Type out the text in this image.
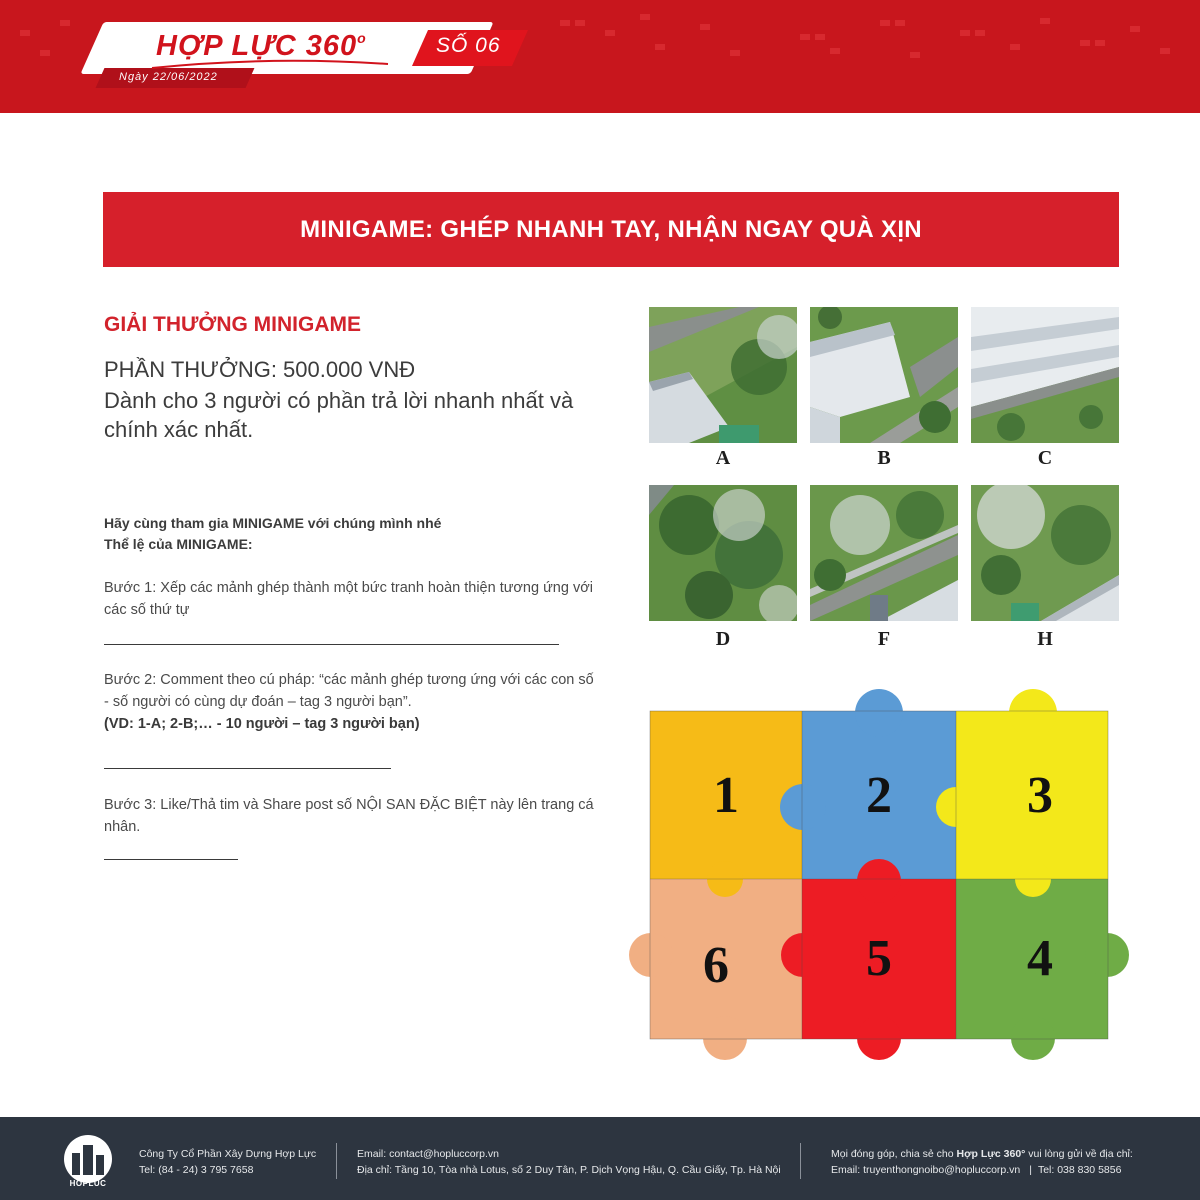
HỢP LỰC 360$^o$	SỐ 06
Ngày 22/06/2022
MINIGAME: GHÉP NHANH TAY, NHẬN NGAY QUÀ XỊN
GIẢI THƯỞNG MINIGAME
PHẦN THƯỞNG: 500.000 VNĐ
Dành cho 3 người có phần trả lời nhanh nhất và chính xác nhất.
Hãy cùng tham gia MINIGAME với chúng mình nhé
Thể lệ của MINIGAME:
Bước 1: Xếp các mảnh ghép thành một bức tranh hoàn thiện tương ứng với các số thứ tự
Bước 2: Comment theo cú pháp: “các mảnh ghép tương ứng với các con số - số người có cùng dự đoán – tag 3 người bạn”.
(VD: 1-A; 2-B;… - 10 người – tag 3 người bạn)
Bước 3: Like/Thả tim và Share post số NỘI SAN ĐẶC BIỆT này lên trang cá nhân.
A	B	C
D	F	H
1 2	3
6	5	4
HOPLUC
Công Ty Cổ Phần Xây Dựng Hợp Lực
Tel: (84 - 24) 3 795 7658
Email: contact@hopluccorp.vn
Địa chỉ: Tầng 10, Tòa nhà Lotus, số 2 Duy Tân, P. Dịch Vọng Hậu, Q. Cầu Giấy, Tp. Hà Nội
Mọi đóng góp, chia sẻ cho Hợp Lực 360° vui lòng gửi về địa chỉ:
Email: truyenthongnoibo@hopluccorp.vn | Tel: 038 830 5856
